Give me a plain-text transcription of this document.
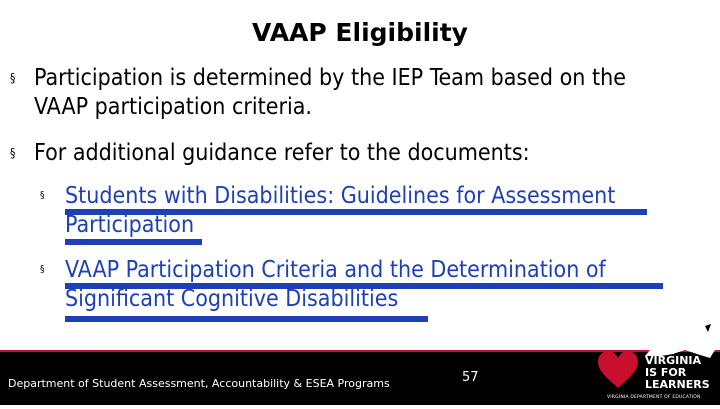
VAAP Eligibility
§ Participation is determined by the IEP Team based on the
VAAP participation criteria.
§ For additional guidance refer to the documents:
§ Students with Disabilities: Guidelines for Assessment
Participation
§ VAAP Participation Criteria and the Determination of
Significant Cognitive Disabilities
Department of Student Assessment, Accountability & ESEA Programs	57
VIRGINIA
IS FOR
LEARNERS
VIRGINIA DEPARTMENT OF EDUCATION
